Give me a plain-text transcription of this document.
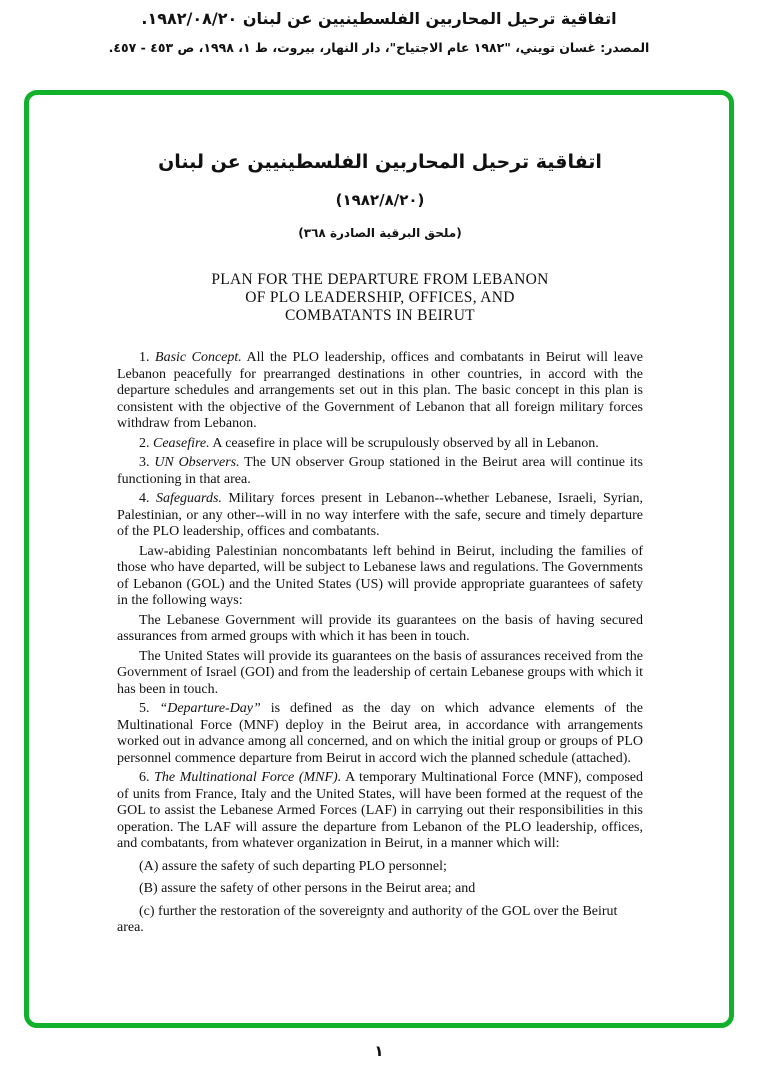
اتفاقية ترحيل المحاربين الفلسطينيين عن لبنان ١٩٨٢/٠٨/٢٠.
المصدر: غسان تويني، "١٩٨٢ عام الاجتياح"، دار النهار، بيروت، ط ١، ١٩٩٨، ص ٤٥٣ - ٤٥٧.
اتفاقية ترحيل المحاربين الفلسطينيين عن لبنان
(١٩٨٢/٨/٢٠)
(ملحق البرقية الصادرة ٣٦٨)
PLAN FOR THE DEPARTURE FROM LEBANON
OF PLO LEADERSHIP, OFFICES, AND
COMBATANTS IN BEIRUT

1. Basic Concept. All the PLO leadership, offices and combatants in Beirut will leave Lebanon peacefully for prearranged destinations in other countries, in accord with the departure schedules and arrangements set out in this plan. The basic concept in this plan is consistent with the objective of the Government of Lebanon that all foreign military forces withdraw from Lebanon.

2. Ceasefire. A ceasefire in place will be scrupulously observed by all in Lebanon.

3. UN Observers. The UN observer Group stationed in the Beirut area will continue its functioning in that area.

4. Safeguards. Military forces present in Lebanon--whether Lebanese, Israeli, Syrian, Palestinian, or any other--will in no way interfere with the safe, secure and timely departure of the PLO leadership, offices and combatants.

Law-abiding Palestinian noncombatants left behind in Beirut, including the families of those who have departed, will be subject to Lebanese laws and regulations. The Governments of Lebanon (GOL) and the United States (US) will provide appropriate guarantees of safety in the following ways:

The Lebanese Government will provide its guarantees on the basis of having secured assurances from armed groups with which it has been in touch.

The United States will provide its guarantees on the basis of assurances received from the Government of Israel (GOI) and from the leadership of certain Lebanese groups with which it has been in touch.

5. “Departure-Day” is defined as the day on which advance elements of the Multinational Force (MNF) deploy in the Beirut area, in accordance with arrangements worked out in advance among all concerned, and on which the initial group or groups of PLO personnel commence departure from Beirut in accord wich the planned schedule (attached).

6. The Multinational Force (MNF). A temporary Multinational Force (MNF), composed of units from France, Italy and the United States, will have been formed at the request of the GOL to assist the Lebanese Armed Forces (LAF) in carrying out their responsibilities in this operation. The LAF will assure the departure from Lebanon of the PLO leadership, offices, and combatants, from whatever organization in Beirut, in a manner which will:

(A) assure the safety of such departing PLO personnel;

(B) assure the safety of other persons in the Beirut area; and

(c) further the restoration of the sovereignty and authority of the GOL over the Beirut area.

١
